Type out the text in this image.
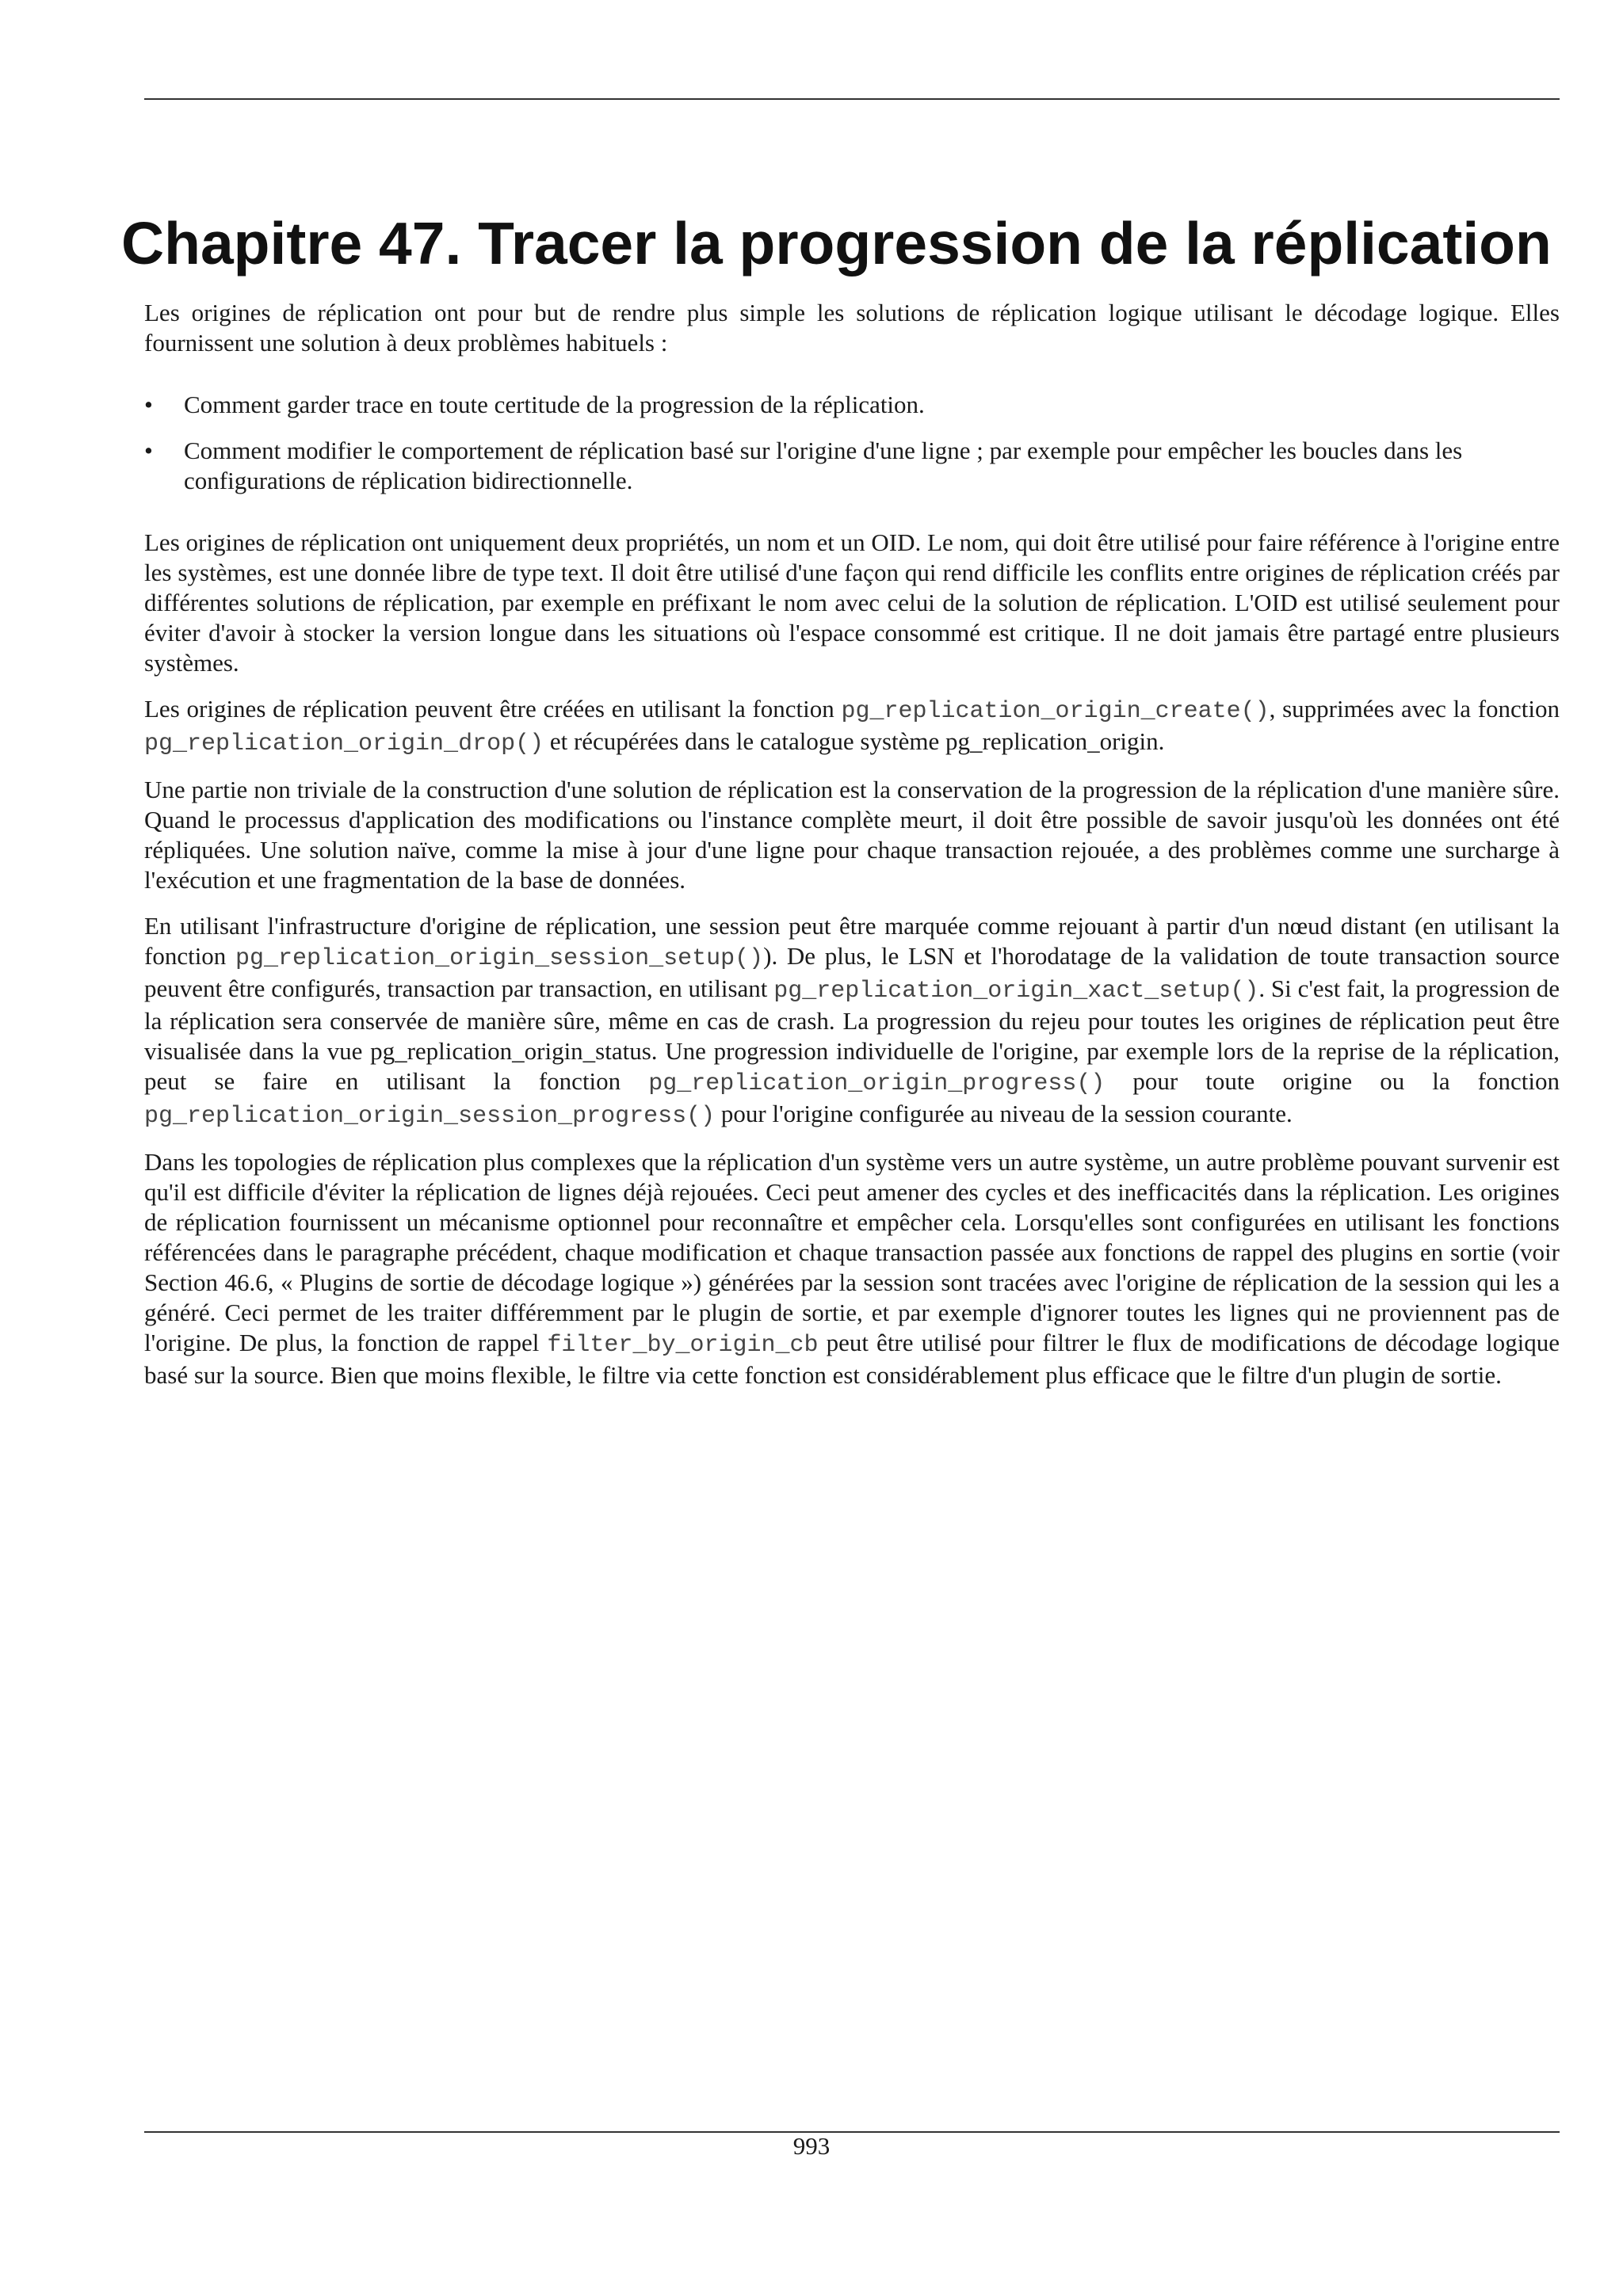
Chapitre 47. Tracer la progression de la réplication

Les origines de réplication ont pour but de rendre plus simple les solutions de réplication logique utilisant le décodage logique. Elles fournissent une solution à deux problèmes habituels :

• Comment garder trace en toute certitude de la progression de la réplication.
• Comment modifier le comportement de réplication basé sur l'origine d'une ligne ; par exemple pour empêcher les boucles dans les configurations de réplication bidirectionnelle.

Les origines de réplication ont uniquement deux propriétés, un nom et un OID. Le nom, qui doit être utilisé pour faire référence à l'origine entre les systèmes, est une donnée libre de type text. Il doit être utilisé d'une façon qui rend difficile les conflits entre origines de réplication créés par différentes solutions de réplication, par exemple en préfixant le nom avec celui de la solution de réplication. L'OID est utilisé seulement pour éviter d'avoir à stocker la version longue dans les situations où l'espace consommé est critique. Il ne doit jamais être partagé entre plusieurs systèmes.

Les origines de réplication peuvent être créées en utilisant la fonction pg_replication_origin_create(), supprimées avec la fonction pg_replication_origin_drop() et récupérées dans le catalogue système pg_replication_origin.

Une partie non triviale de la construction d'une solution de réplication est la conservation de la progression de la réplication d'une manière sûre. Quand le processus d'application des modifications ou l'instance complète meurt, il doit être possible de savoir jusqu'où les données ont été répliquées. Une solution naïve, comme la mise à jour d'une ligne pour chaque transaction rejouée, a des problèmes comme une surcharge à l'exécution et une fragmentation de la base de données.

En utilisant l'infrastructure d'origine de réplication, une session peut être marquée comme rejouant à partir d'un nœud distant (en utilisant la fonction pg_replication_origin_session_setup()). De plus, le LSN et l'horodatage de la validation de toute transaction source peuvent être configurés, transaction par transaction, en utilisant pg_replication_origin_xact_setup(). Si c'est fait, la progression de la réplication sera conservée de manière sûre, même en cas de crash. La progression du rejeu pour toutes les origines de réplication peut être visualisée dans la vue pg_replication_origin_status. Une progression individuelle de l'origine, par exemple lors de la reprise de la réplication, peut se faire en utilisant la fonction pg_replication_origin_progress() pour toute origine ou la fonction pg_replication_origin_session_progress() pour l'origine configurée au niveau de la session courante.

Dans les topologies de réplication plus complexes que la réplication d'un système vers un autre système, un autre problème pouvant survenir est qu'il est difficile d'éviter la réplication de lignes déjà rejouées. Ceci peut amener des cycles et des inefficacités dans la réplication. Les origines de réplication fournissent un mécanisme optionnel pour reconnaître et empêcher cela. Lorsqu'elles sont configurées en utilisant les fonctions référencées dans le paragraphe précédent, chaque modification et chaque transaction passée aux fonctions de rappel des plugins en sortie (voir Section 46.6, « Plugins de sortie de décodage logique ») générées par la session sont tracées avec l'origine de réplication de la session qui les a généré. Ceci permet de les traiter différemment par le plugin de sortie, et par exemple d'ignorer toutes les lignes qui ne proviennent pas de l'origine. De plus, la fonction de rappel filter_by_origin_cb peut être utilisé pour filtrer le flux de modifications de décodage logique basé sur la source. Bien que moins flexible, le filtre via cette fonction est considérablement plus efficace que le filtre d'un plugin de sortie.

993
